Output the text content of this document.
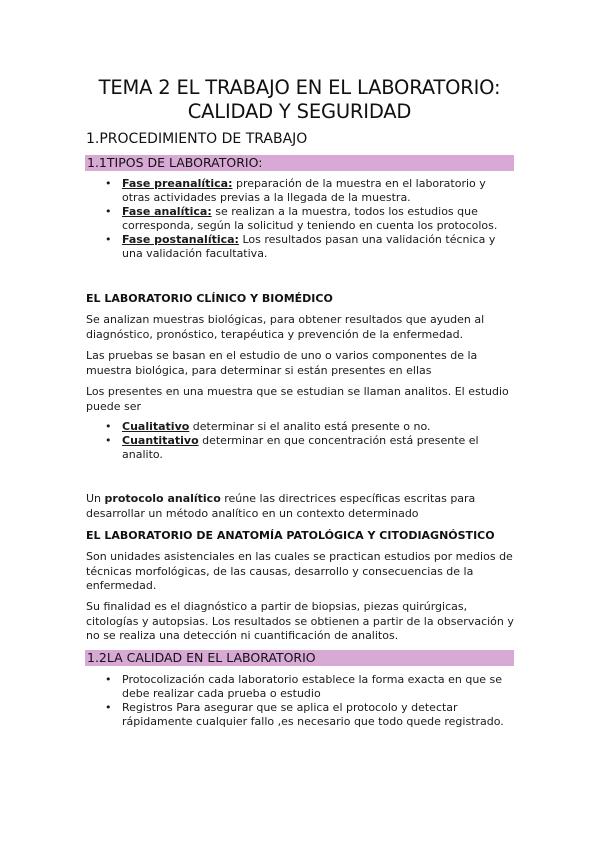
TEMA 2 EL TRABAJO EN EL LABORATORIO:
CALIDAD Y SEGURIDAD
1.PROCEDIMIENTO DE TRABAJO
1.1TIPOS DE LABORATORIO:
• Fase preanalítica: preparación de la muestra en el laboratorio y otras actividades previas a la llegada de la muestra.
• Fase analítica: se realizan a la muestra, todos los estudios que corresponda, según la solicitud y teniendo en cuenta los protocolos.
• Fase postanalítica: Los resultados pasan una validación técnica y una validación facultativa.
EL LABORATORIO CLÍNICO Y BIOMÉDICO
Se analizan muestras biológicas, para obtener resultados que ayuden al diagnóstico, pronóstico, terapéutica y prevención de la enfermedad.
Las pruebas se basan en el estudio de uno o varios componentes de la muestra biológica, para determinar si están presentes en ellas
Los presentes en una muestra que se estudian se llaman analitos. El estudio puede ser
• Cualitativo determinar si el analito está presente o no.
• Cuantitativo determinar en que concentración está presente el analito.
Un protocolo analítico reúne las directrices específicas escritas para desarrollar un método analítico en un contexto determinado
EL LABORATORIO DE ANATOMÍA PATOLÓGICA Y CITODIAGNÓSTICO
Son unidades asistenciales en las cuales se practican estudios por medios de técnicas morfológicas, de las causas, desarrollo y consecuencias de la enfermedad.
Su finalidad es el diagnóstico a partir de biopsias, piezas quirúrgicas, citologías y autopsias. Los resultados se obtienen a partir de la observación y no se realiza una detección ni cuantificación de analitos.
1.2LA CALIDAD EN EL LABORATORIO
• Protocolización cada laboratorio establece la forma exacta en que se debe realizar cada prueba o estudio
• Registros Para asegurar que se aplica el protocolo y detectar rápidamente cualquier fallo ,es necesario que todo quede registrado.
